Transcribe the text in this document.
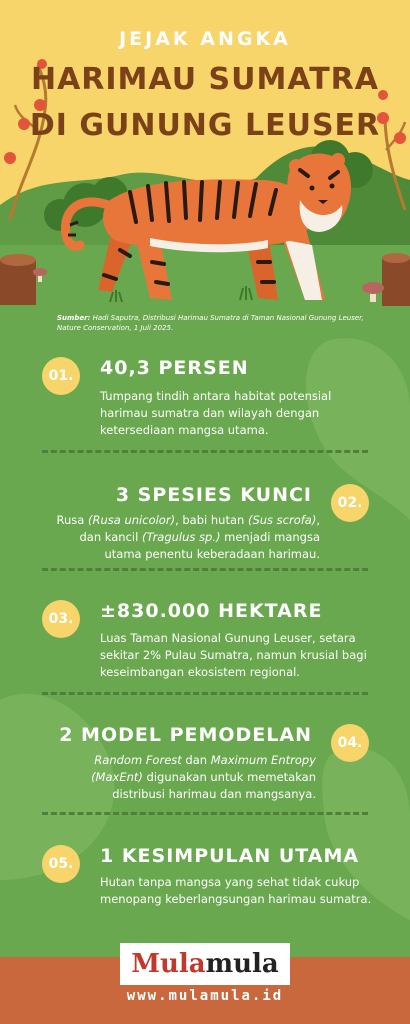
JEJAK ANGKA
HARIMAU SUMATRA
DI GUNUNG LEUSER
Sumber: Hadi Saputra, Distribusi Harimau Sumatra di Taman Nasional Gunung Leuser, Nature Conservation, 1 Juli 2025.
01.	40,3 PERSEN
Tumpang tindih antara habitat potensial harimau sumatra dan wilayah dengan ketersediaan mangsa utama.
02.
3 SPESIES KUNCI
Rusa (Rusa unicolor), babi hutan (Sus scrofa),
dan kancil (Tragulus sp.) menjadi mangsa
utama penentu keberadaan harimau.
03.	±830.000 HEKTARE
Luas Taman Nasional Gunung Leuser, setara sekitar 2% Pulau Sumatra, namun krusial bagi keseimbangan ekosistem regional.
04.
2 MODEL PEMODELAN
Random Forest dan Maximum Entropy
(MaxEnt) digunakan untuk memetakan
distribusi harimau dan mangsanya.
05.	1 KESIMPULAN UTAMA
Hutan tanpa mangsa yang sehat tidak cukup menopang keberlangsungan harimau sumatra.
Mula mula
www.mulamula.id
